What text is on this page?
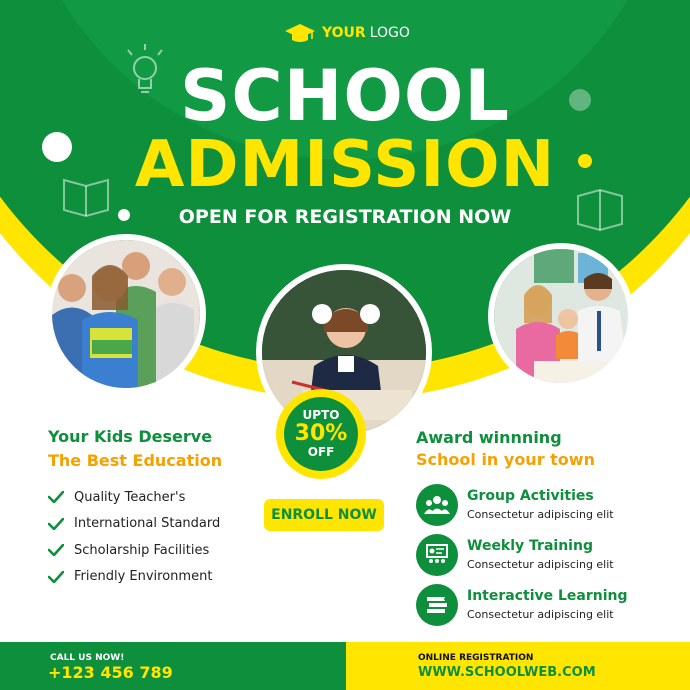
YOUR LOGO
SCHOOL
ADMISSION
OPEN FOR REGISTRATION NOW
UPTO
30%
OFF
ENROLL NOW
Your Kids Deserve
The Best Education
Quality Teacher's
International Standard
Scholarship Facilities
Friendly Environment
Award winnning
School in your town
Group Activities
Consectetur adipiscing elit
Weekly Training
Consectetur adipiscing elit
Interactive Learning
Consectetur adipiscing elit
CALL US NOW!
+123 456 789
ONLINE REGISTRATION
WWW.SCHOOLWEB.COM
